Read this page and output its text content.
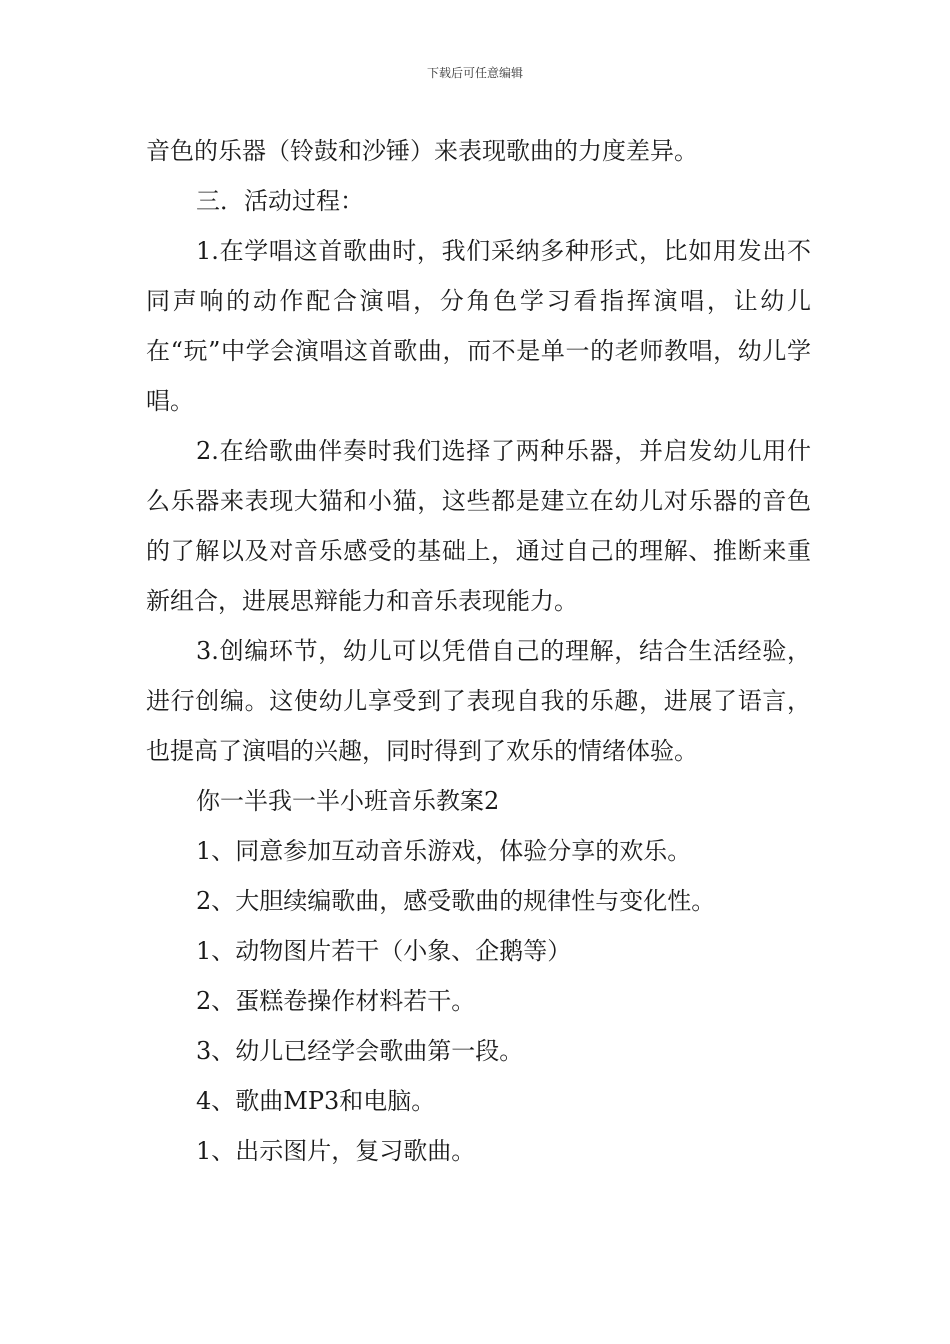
下载后可任意编辑

音色的乐器（铃鼓和沙锤）来表现歌曲的力度差异。

三．活动过程：

1.在学唱这首歌曲时，我们采纳多种形式，比如用发出不同声响的动作配合演唱，分角色学习看指挥演唱，让幼儿在“玩”中学会演唱这首歌曲，而不是单一的老师教唱，幼儿学唱。

2.在给歌曲伴奏时我们选择了两种乐器，并启发幼儿用什么乐器来表现大猫和小猫，这些都是建立在幼儿对乐器的音色的了解以及对音乐感受的基础上，通过自己的理解、推断来重新组合，进展思辩能力和音乐表现能力。

3.创编环节，幼儿可以凭借自己的理解，结合生活经验，进行创编。这使幼儿享受到了表现自我的乐趣，进展了语言，也提高了演唱的兴趣，同时得到了欢乐的情绪体验。

你一半我一半小班音乐教案2

1、同意参加互动音乐游戏，体验分享的欢乐。

2、大胆续编歌曲，感受歌曲的规律性与变化性。

1、动物图片若干（小象、企鹅等）

2、蛋糕卷操作材料若干。

3、幼儿已经学会歌曲第一段。

4、歌曲MP3和电脑。

1、出示图片，复习歌曲。
